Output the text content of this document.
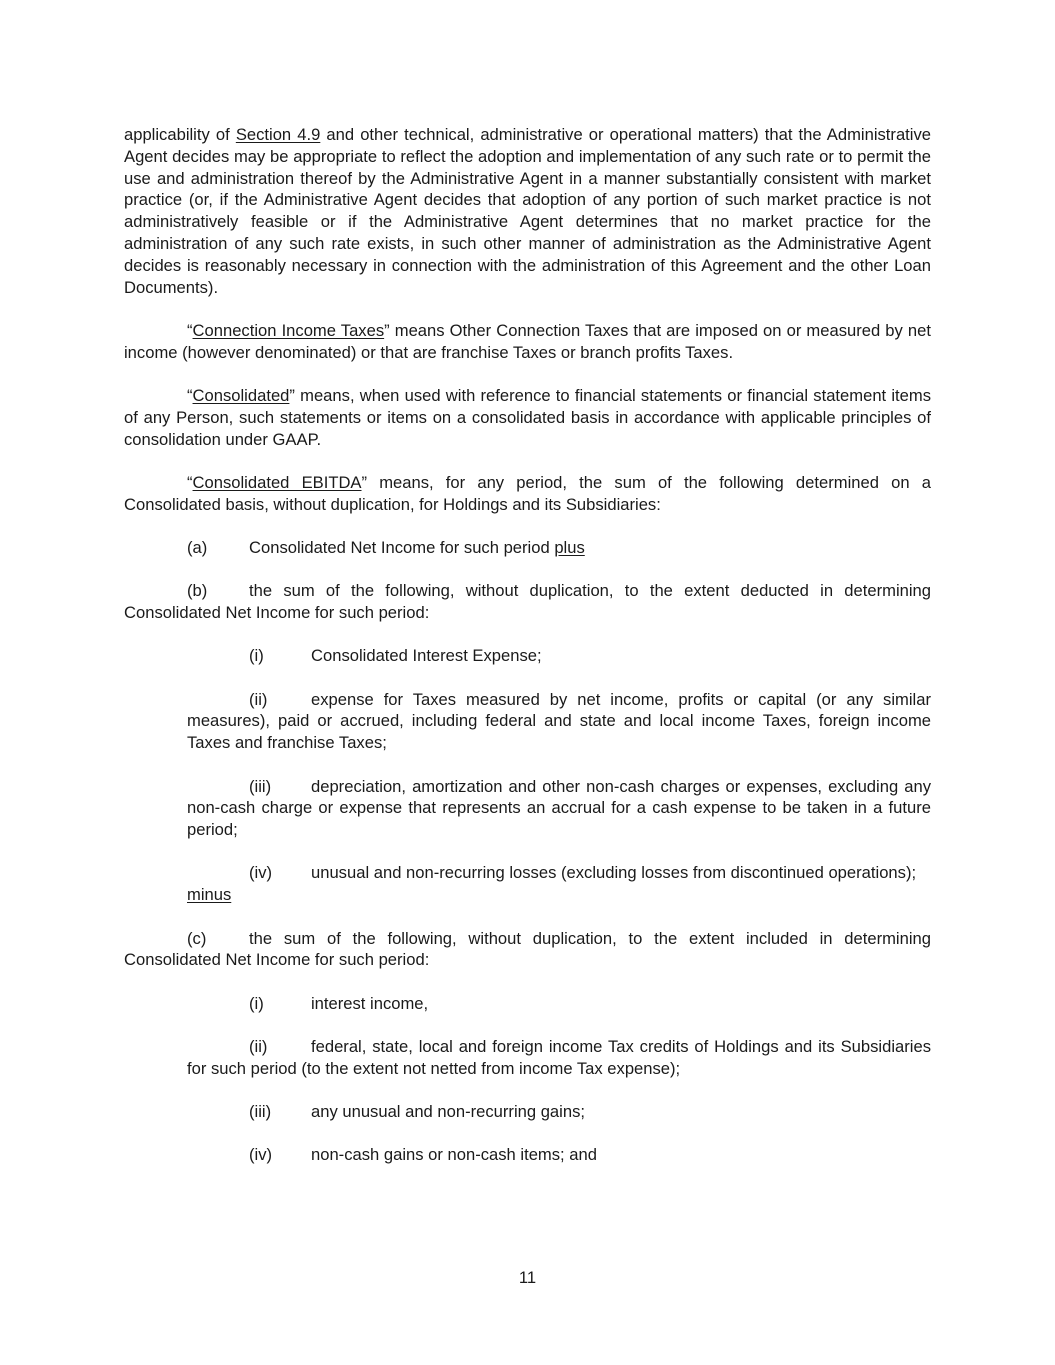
applicability of Section 4.9 and other technical, administrative or operational matters) that the Administrative Agent decides may be appropriate to reflect the adoption and implementation of any such rate or to permit the use and administration thereof by the Administrative Agent in a manner substantially consistent with market practice (or, if the Administrative Agent decides that adoption of any portion of such market practice is not administratively feasible or if the Administrative Agent determines that no market practice for the administration of any such rate exists, in such other manner of administration as the Administrative Agent decides is reasonably necessary in connection with the administration of this Agreement and the other Loan Documents).

“Connection Income Taxes” means Other Connection Taxes that are imposed on or measured by net income (however denominated) or that are franchise Taxes or branch profits Taxes.

“Consolidated” means, when used with reference to financial statements or financial statement items of any Person, such statements or items on a consolidated basis in accordance with applicable principles of consolidation under GAAP.

“Consolidated EBITDA” means, for any period, the sum of the following determined on a Consolidated basis, without duplication, for Holdings and its Subsidiaries:

(a)	Consolidated Net Income for such period plus

(b)	the sum of the following, without duplication, to the extent deducted in determining Consolidated Net Income for such period:

(i)	Consolidated Interest Expense;

(ii)	expense for Taxes measured by net income, profits or capital (or any similar measures), paid or accrued, including federal and state and local income Taxes, foreign income Taxes and franchise Taxes;

(iii) depreciation, amortization and other non-cash charges or expenses, excluding any non-cash charge or expense that represents an accrual for a cash expense to be taken in a future period;

(iv) unusual and non-recurring losses (excluding losses from discontinued operations);
minus

(c)	the sum of the following, without duplication, to the extent included in determining Consolidated Net Income for such period:

(i)	interest income,

(ii)	federal, state, local and foreign income Tax credits of Holdings and its Subsidiaries for such period (to the extent not netted from income Tax expense);

(iii) any unusual and non-recurring gains;

(iv) non-cash gains or non-cash items; and

11
